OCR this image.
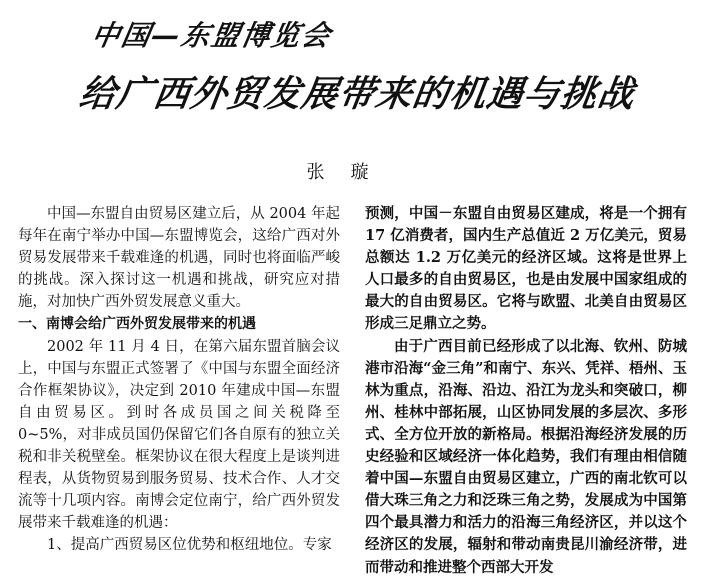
中国—东盟博览会
给广西外贸发展带来的机遇与挑战
张璇

中国—东盟自由贸易区建立后，从 2004 年起每年在南宁举办中国—东盟博览会，这给广西对外贸易发展带来千载难逢的机遇，同时也将面临严峻的挑战。深入探讨这一机遇和挑战，研究应对措施，对加快广西外贸发展意义重大。

一、南博会给广西外贸发展带来的机遇

2002 年 11 月 4 日，在第六届东盟首脑会议上，中国与东盟正式签署了《中国与东盟全面经济合作框架协议》，决定到 2010 年建成中国—东盟自由贸易区。到时各成员国之间关税降至 0~5%，对非成员国仍保留它们各自原有的独立关税和非关税壁垒。框架协议在很大程度上是谈判进程表，从货物贸易到服务贸易、技术合作、人才交流等十几项内容。南博会定位南宁，给广西外贸发展带来千载难逢的机遇：

1、提高广西贸易区位优势和枢纽地位。专家

预测，中国－东盟自由贸易区建成，将是一个拥有 17 亿消费者，国内生产总值近 2 万亿美元，贸易总额达 1.2 万亿美元的经济区域。这将是世界上人口最多的自由贸易区，也是由发展中国家组成的最大的自由贸易区。它将与欧盟、北美自由贸易区形成三足鼎立之势。

由于广西目前已经形成了以北海、钦州、防城港市沿海“金三角”和南宁、东兴、凭祥、梧州、玉林为重点，沿海、沿边、沿江为龙头和突破口，柳州、桂林中部拓展，山区协同发展的多层次、多形式、全方位开放的新格局。根据沿海经济发展的历史经验和区域经济一体化趋势，我们有理由相信随着中国—东盟自由贸易区建立，广西的南北钦可以借大珠三角之力和泛珠三角之势，发展成为中国第四个最具潜力和活力的沿海三角经济区，并以这个经济区的发展，辐射和带动南贵昆川渝经济带，进而带动和推进整个西部大开发
